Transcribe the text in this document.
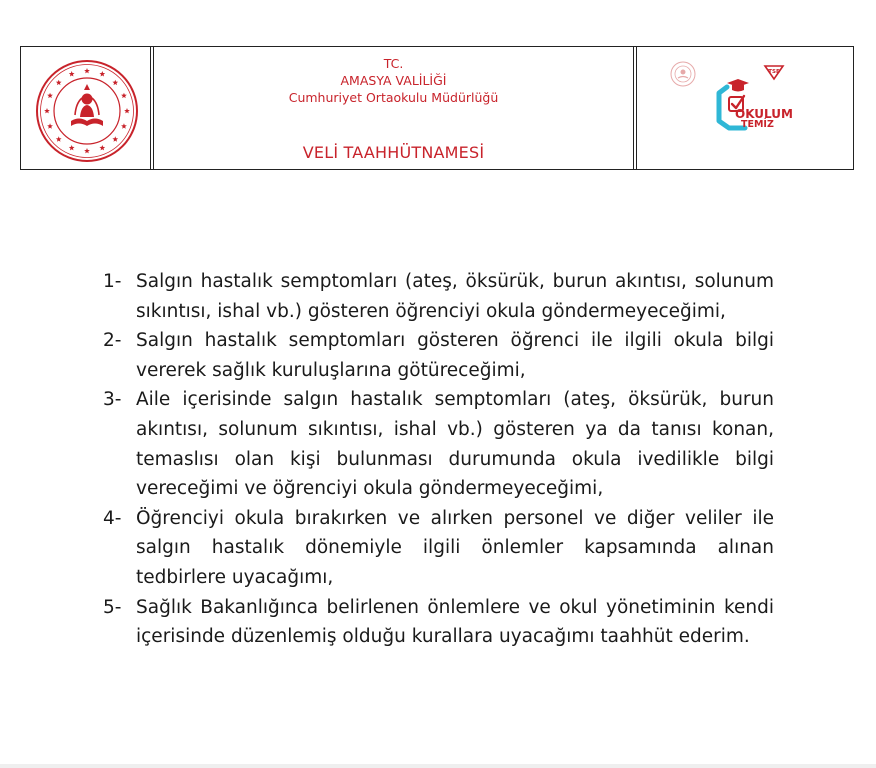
TC.
AMASYA VALİLİĞİ
Cumhuriyet Ortaokulu Müdürlüğü
VELİ TAAHHÜTNAMESİ
TSE
OKULUM
TEMİZ
1- Salgın hastalık semptomları (ateş, öksürük, burun akıntısı, solunum sıkıntısı, ishal vb.) gösteren öğrenciyi okula göndermeyeceğimi,
2- Salgın hastalık semptomları gösteren öğrenci ile ilgili okula bilgi vererek sağlık kuruluşlarına götüreceğimi,
3- Aile içerisinde salgın hastalık semptomları (ateş, öksürük, burun akıntısı, solunum sıkıntısı, ishal vb.) gösteren ya da tanısı konan, temaslısı olan kişi bulunması durumunda okula ivedilikle bilgi vereceğimi ve öğrenciyi okula göndermeyeceğimi,
4- Öğrenciyi okula bırakırken ve alırken personel ve diğer veliler ile salgın hastalık dönemiyle ilgili önlemler kapsamında alınan tedbirlere uyacağımı,
5- Sağlık Bakanlığınca belirlenen önlemlere ve okul yönetiminin kendi içerisinde düzenlemiş olduğu kurallara uyacağımı taahhüt ederim.
